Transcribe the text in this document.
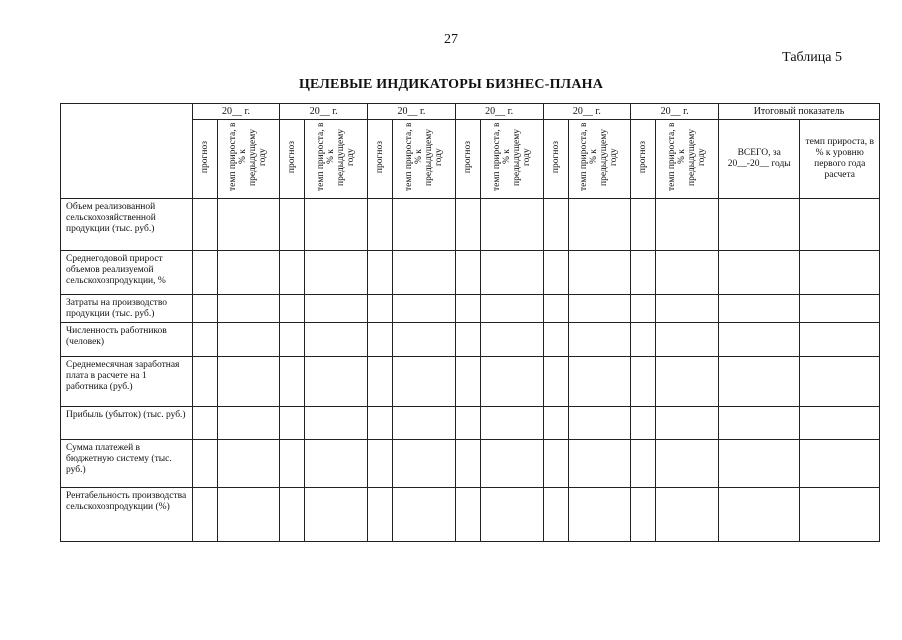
27
Таблица 5
ЦЕЛЕВЫЕ ИНДИКАТОРЫ БИЗНЕС-ПЛАНА
	20__ г.		20__ г.		20__ г.		20__ г.		20__ г.		20__ г.		Итоговый показатель	
	прогноз	темп прироста, в % к предыдущему году	прогноз	темп прироста, в % к предыдущему году	прогноз	темп прироста, в % к предыдущему году	прогноз	темп прироста, в % к предыдущему году	прогноз	темп прироста, в % к предыдущему году	прогноз	темп прироста, в % к предыдущему году	ВСЕГО, за 20__-20__ годы	темп прироста, в % к уровню первого года расчета
Объем реализованной сельскохозяйственной продукции (тыс. руб.)														
Среднегодовой прирост объемов реализуемой сельскохозпродукции, %														
Затраты на производство продукции (тыс. руб.)														
Численность работников (человек)														
Среднемесячная заработная плата в расчете на 1 работника (руб.)														
Прибыль (убыток) (тыс. руб.)														
Сумма платежей в бюджетную систему (тыс. руб.)														
Рентабельность производства сельскохозпродукции (%)														
